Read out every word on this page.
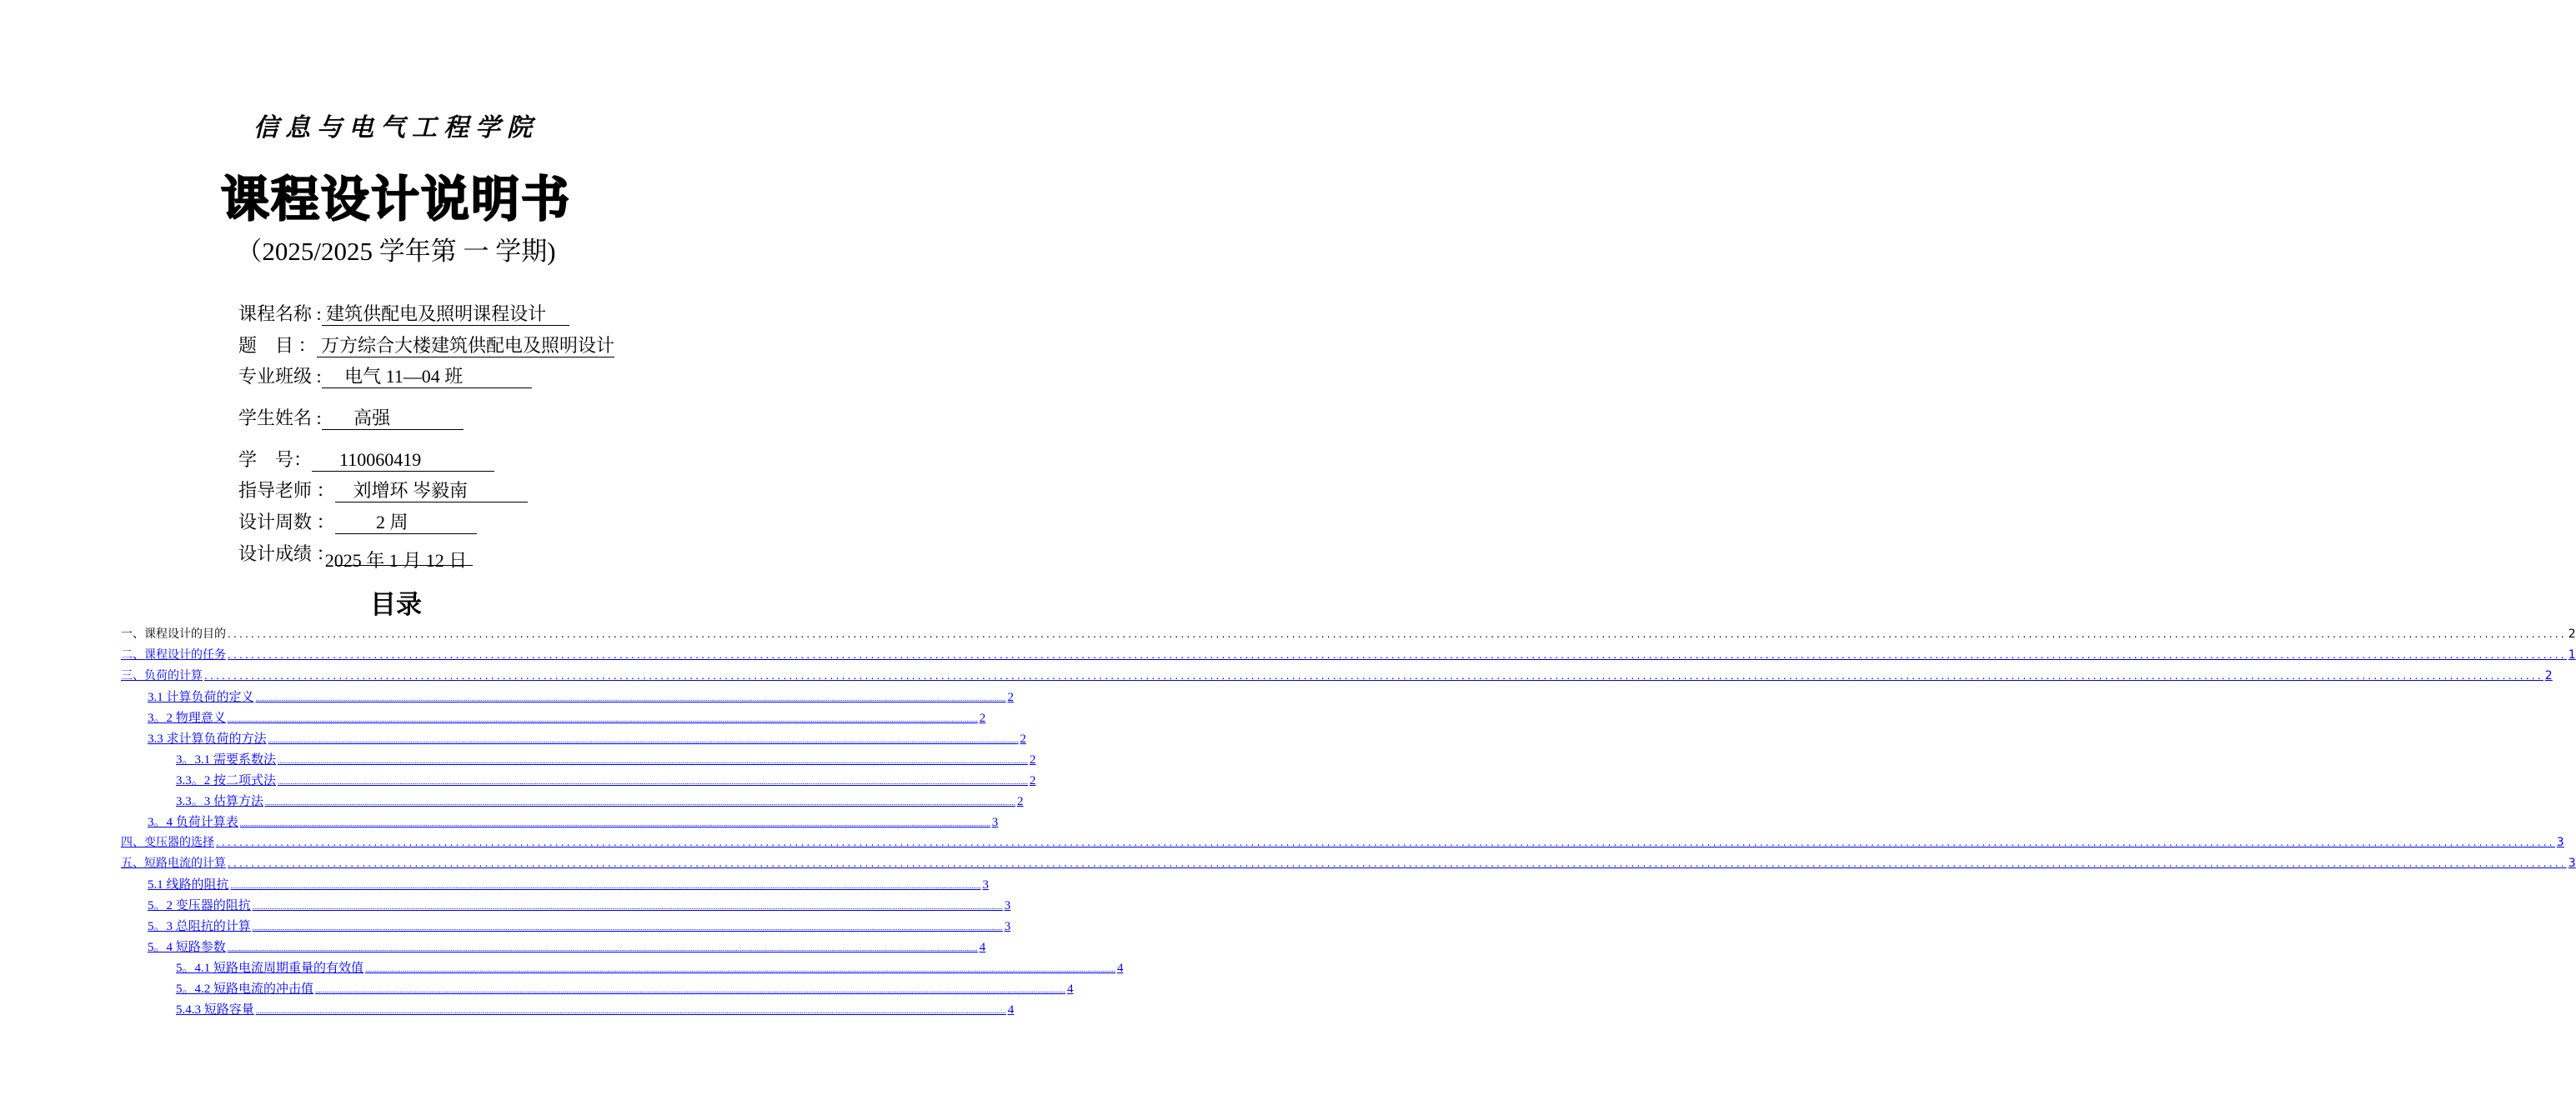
信息与电气工程学院
课程设计说明书
（2025/2025 学年第 一 学期)

课程名称 : 建筑供配电及照明课程设计

题    目 ： 万方综合大楼建筑供配电及照明设计

专业班级 :     电气 11—04 班

学生姓名 :       高强

学    号：      110060419

指导老师 ：    刘增环 岑毅南

设计周数 ：         2 周

设计成绩 ：

2025 年 1 月 12 日
目录
一、课程设计的目的 ................................................................................................................................................................................................................................................................................................................................................................................................................ 2
二、课程设计的任务 ................................................................................................................................................................................................................................................................................................................................................................................................................ 1
三、负荷的计算 ................................................................................................................................................................................................................................................................................................................................................................................................................ 2
3.1 计算负荷的定义 ................................................................................................................................................................................................................................................................................................................................................................................................................ 2
3。2 物理意义 ................................................................................................................................................................................................................................................................................................................................................................................................................ 2
3.3 求计算负荷的方法 ................................................................................................................................................................................................................................................................................................................................................................................................................ 2
3。3.1 需要系数法 ................................................................................................................................................................................................................................................................................................................................................................................................................ 2
3.3。2 按二项式法 ................................................................................................................................................................................................................................................................................................................................................................................................................ 2
3.3。3 估算方法 ................................................................................................................................................................................................................................................................................................................................................................................................................ 2
3。4 负荷计算表 ................................................................................................................................................................................................................................................................................................................................................................................................................ 3
四、变压器的选择 ................................................................................................................................................................................................................................................................................................................................................................................................................ 3
五、短路电流的计算 ................................................................................................................................................................................................................................................................................................................................................................................................................ 3
5.1 线路的阻抗 ................................................................................................................................................................................................................................................................................................................................................................................................................ 3
5。2 变压器的阻抗 ................................................................................................................................................................................................................................................................................................................................................................................................................ 3
5。3 总阻抗的计算 ................................................................................................................................................................................................................................................................................................................................................................................................................ 3
5。4 短路参数 ................................................................................................................................................................................................................................................................................................................................................................................................................ 4
5。4.1 短路电流周期重量的有效值 ................................................................................................................................................................................................................................................................................................................................................................................................................ 4
5。4.2 短路电流的冲击值 ................................................................................................................................................................................................................................................................................................................................................................................................................ 4
5.4.3 短路容量 ................................................................................................................................................................................................................................................................................................................................................................................................................ 4
